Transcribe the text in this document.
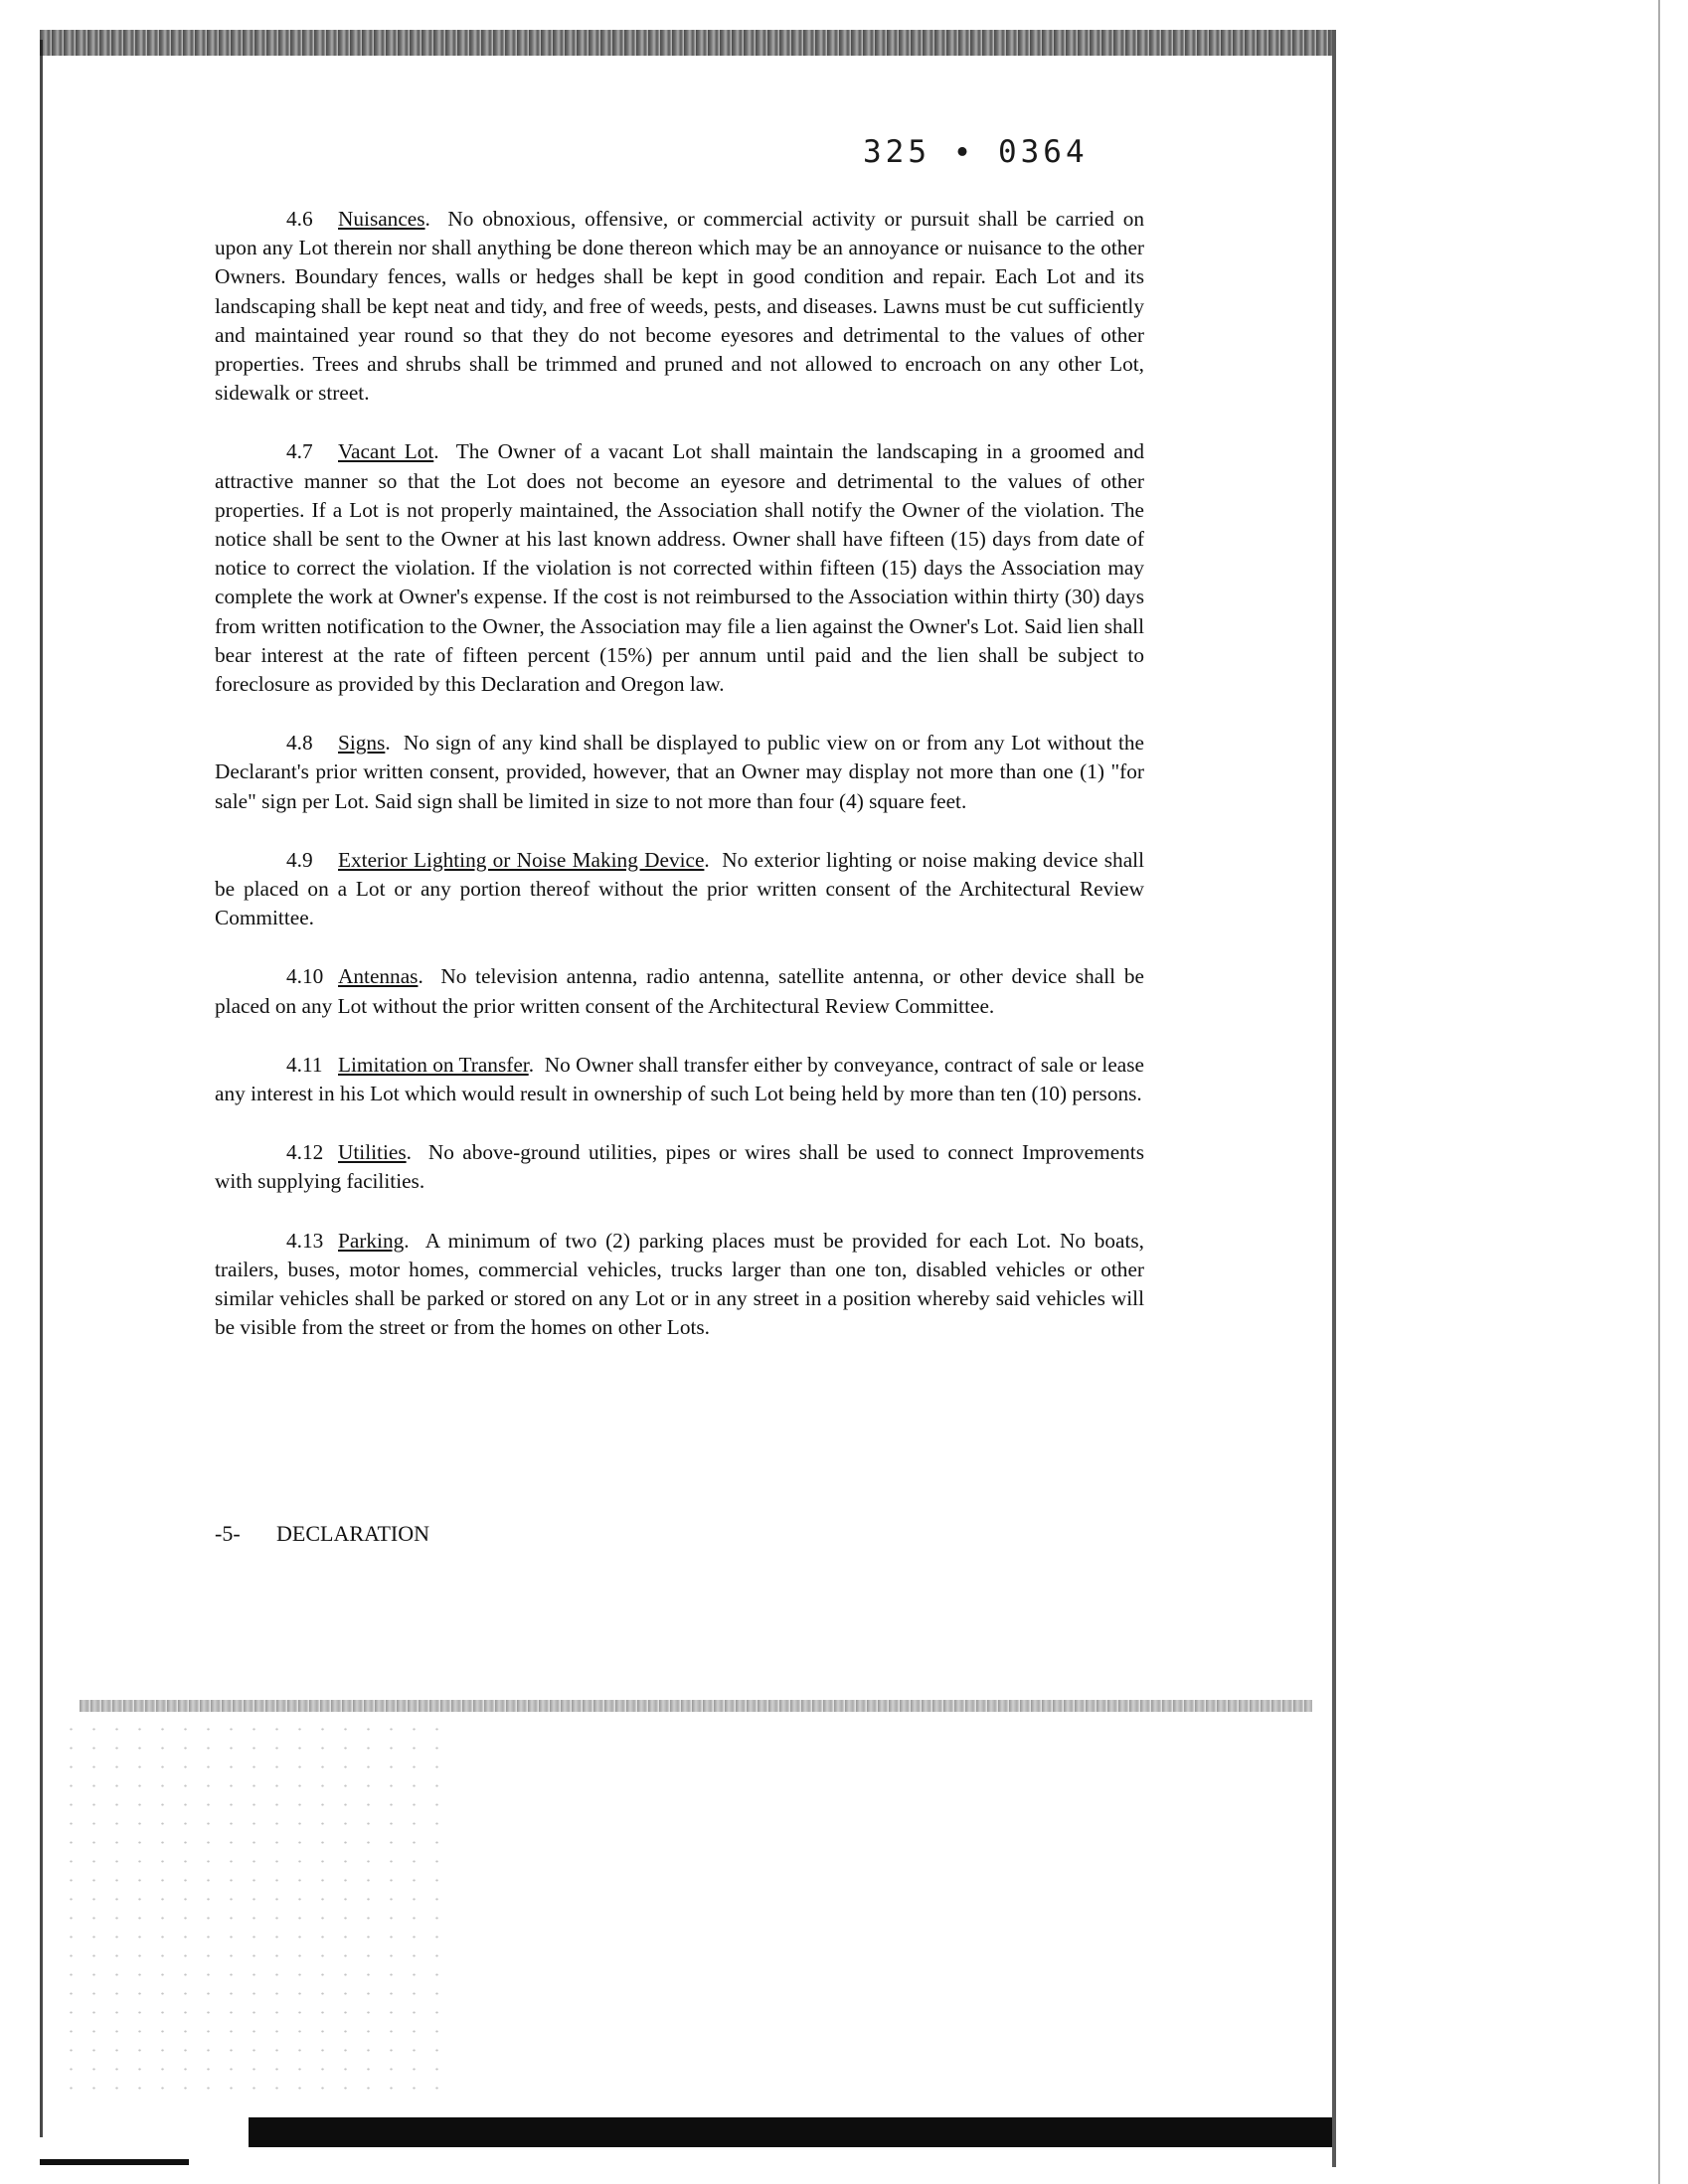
325 ∙ 0364

4.6 Nuisances.  No obnoxious, offensive, or commercial activity or pursuit shall be carried on upon any Lot therein nor shall anything be done thereon which may be an annoyance or nuisance to the other Owners. Boundary fences, walls or hedges shall be kept in good condition and repair. Each Lot and its landscaping shall be kept neat and tidy, and free of weeds, pests, and diseases. Lawns must be cut sufficiently and maintained year round so that they do not become eyesores and detrimental to the values of other properties. Trees and shrubs shall be trimmed and pruned and not allowed to encroach on any other Lot, sidewalk or street.

4.7 Vacant Lot.  The Owner of a vacant Lot shall maintain the landscaping in a groomed and attractive manner so that the Lot does not become an eyesore and detrimental to the values of other properties. If a Lot is not properly maintained, the Association shall notify the Owner of the violation. The notice shall be sent to the Owner at his last known address. Owner shall have fifteen (15) days from date of notice to correct the violation. If the violation is not corrected within fifteen (15) days the Association may complete the work at Owner's expense. If the cost is not reimbursed to the Association within thirty (30) days from written notification to the Owner, the Association may file a lien against the Owner's Lot. Said lien shall bear interest at the rate of fifteen percent (15%) per annum until paid and the lien shall be subject to foreclosure as provided by this Declaration and Oregon law.

4.8 Signs.  No sign of any kind shall be displayed to public view on or from any Lot without the Declarant's prior written consent, provided, however, that an Owner may display not more than one (1) "for sale" sign per Lot. Said sign shall be limited in size to not more than four (4) square feet.

4.9 Exterior Lighting or Noise Making Device.  No exterior lighting or noise making device shall be placed on a Lot or any portion thereof without the prior written consent of the Architectural Review Committee.

4.10 Antennas.  No television antenna, radio antenna, satellite antenna, or other device shall be placed on any Lot without the prior written consent of the Architectural Review Committee.

4.11 Limitation on Transfer.  No Owner shall transfer either by conveyance, contract of sale or lease any interest in his Lot which would result in ownership of such Lot being held by more than ten (10) persons.

4.12 Utilities.  No above-ground utilities, pipes or wires shall be used to connect Improvements with supplying facilities.

4.13 Parking.  A minimum of two (2) parking places must be provided for each Lot. No boats, trailers, buses, motor homes, commercial vehicles, trucks larger than one ton, disabled vehicles or other similar vehicles shall be parked or stored on any Lot or in any street in a position whereby said vehicles will be visible from the street or from the homes on other Lots.

-5- DECLARATION
